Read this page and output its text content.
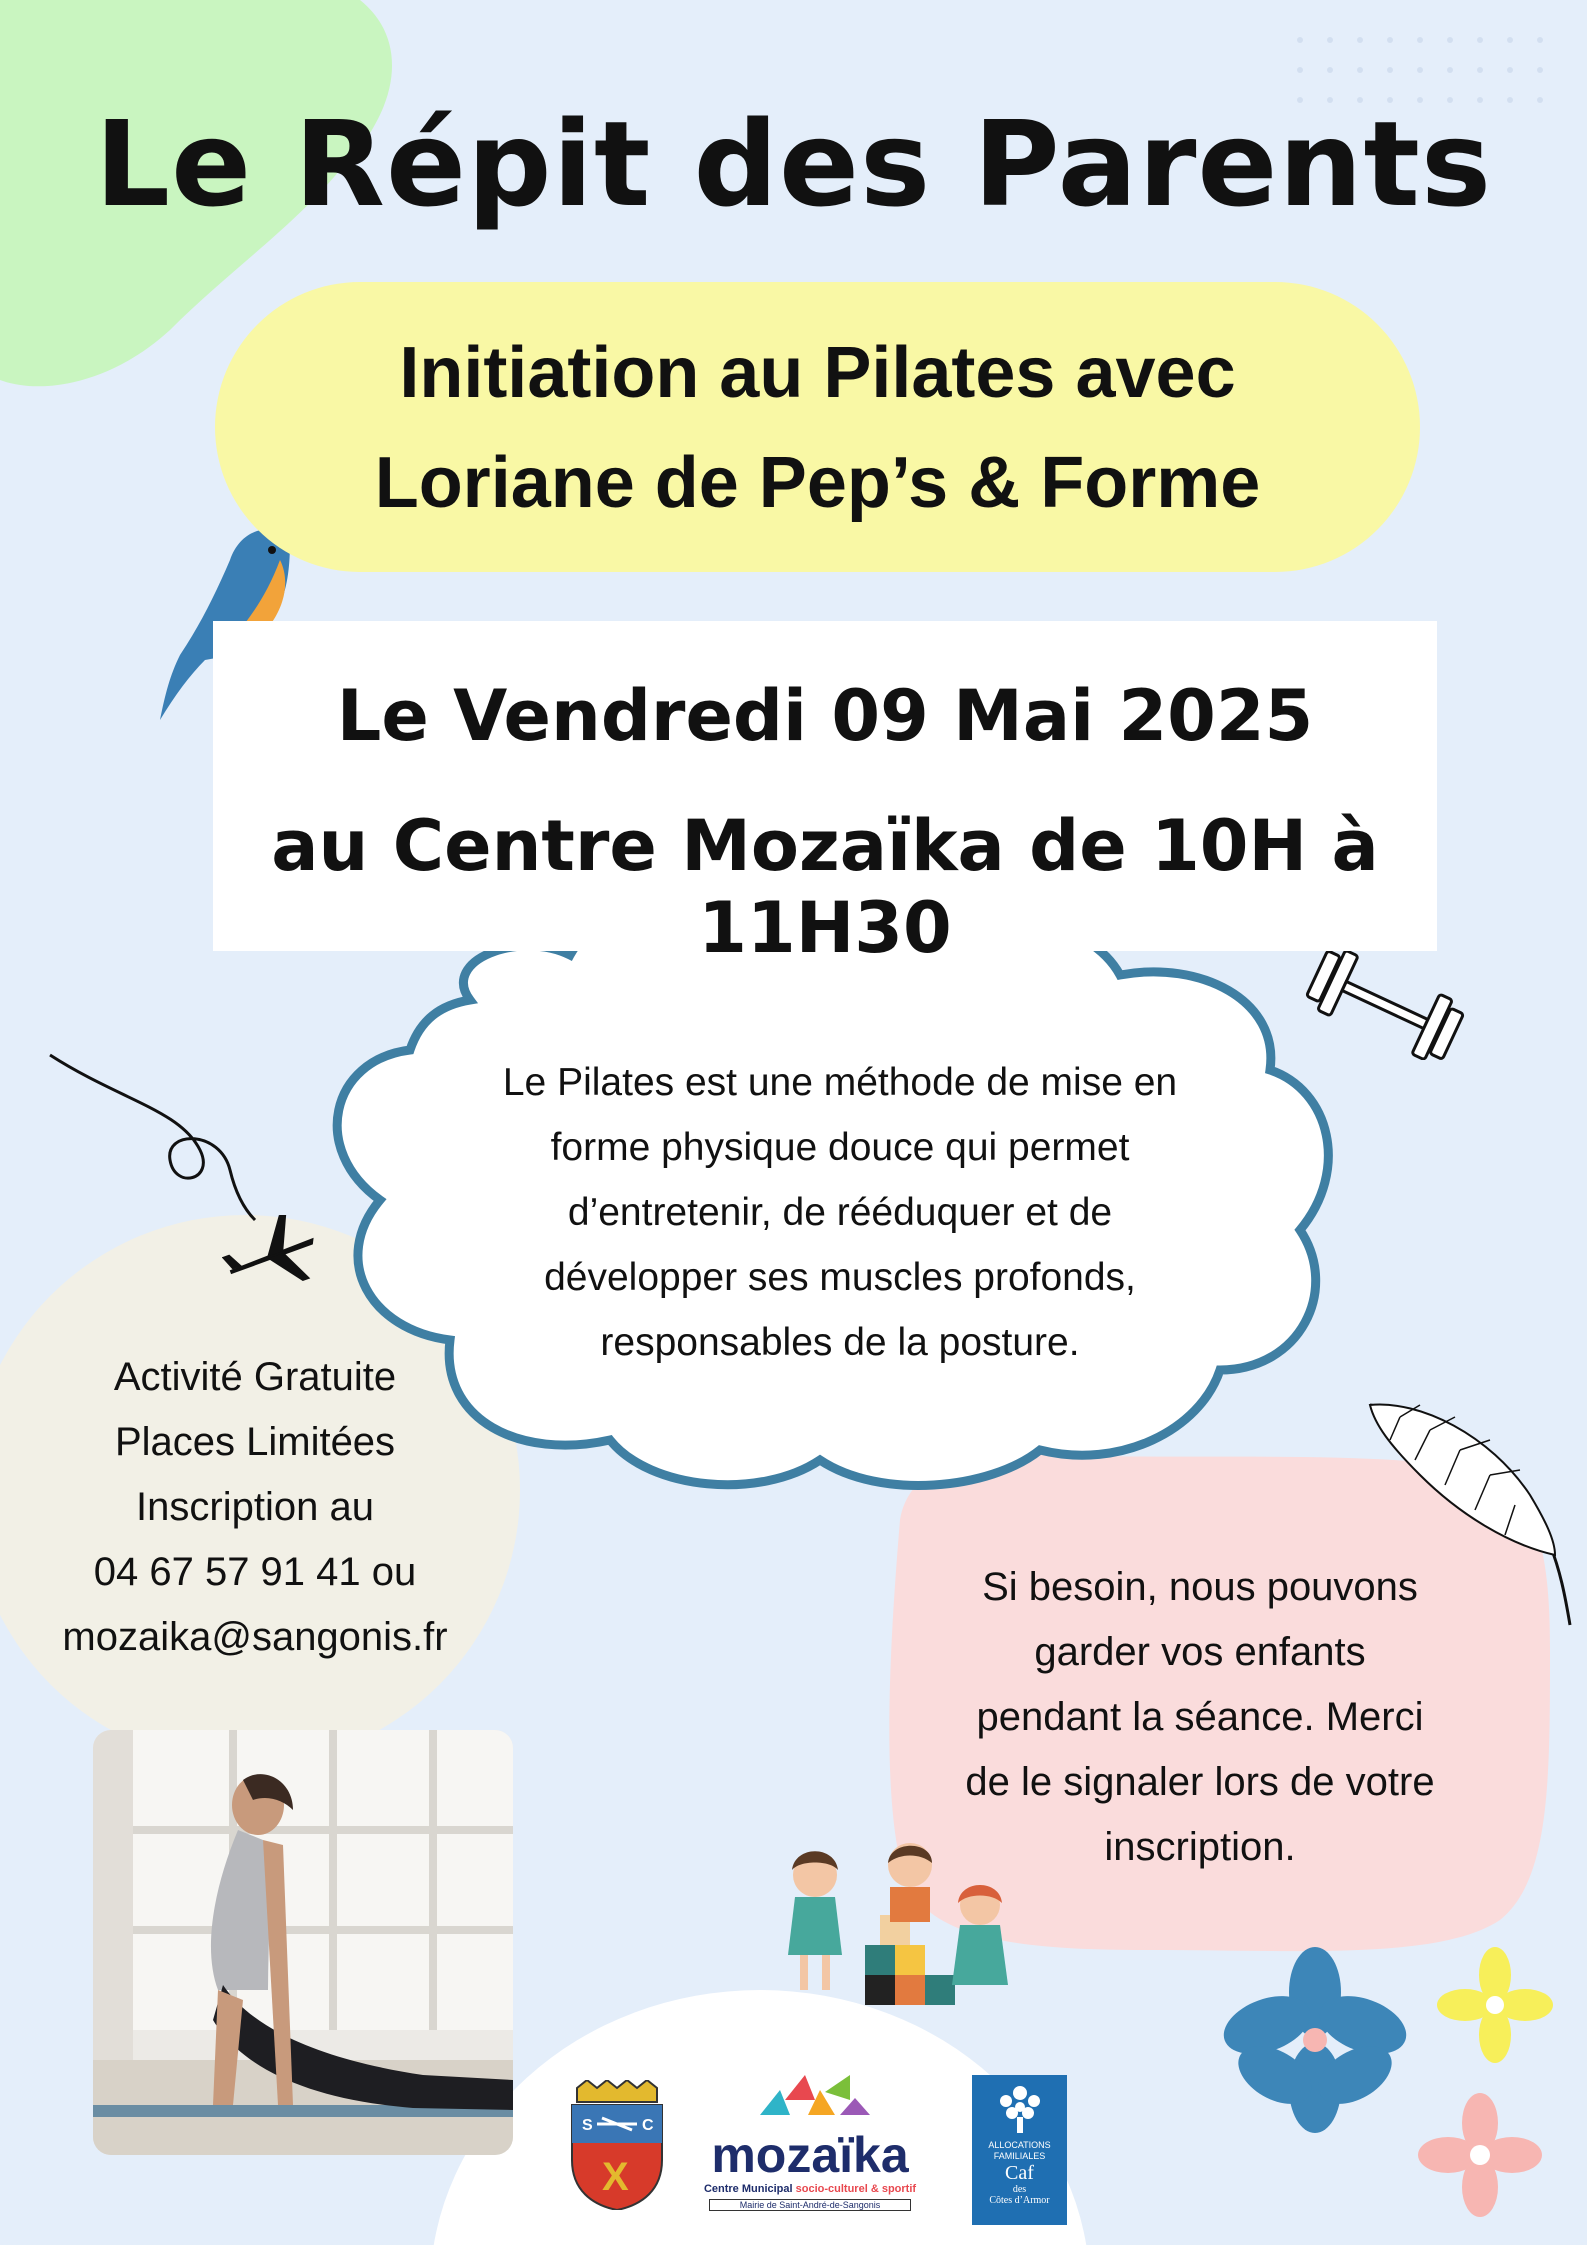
Le Répit des Parents
Initiation au Pilates avec
Loriane de Pep’s & Forme
Le Vendredi 09 Mai 2025
au Centre Mozaïka de 10H à 11H30
Le Pilates est une méthode de mise en
forme physique douce qui permet
d’entretenir, de rééduquer et de
développer ses muscles profonds,
responsables de la posture.
Activité Gratuite
Places Limitées
Inscription au
04 67 57 91 41 ou
mozaika@sangonis.fr
Si besoin, nous pouvons
garder vos enfants
pendant la séance. Merci
de le signaler lors de votre
inscription.
S	C
X	mozaïka
Centre Municipal socio-culturel & sportif
Mairie de Saint-André-de-Sangonis
ALLOCATIONS
FAMILIALES
Caf
des
Côtes d’Armor
